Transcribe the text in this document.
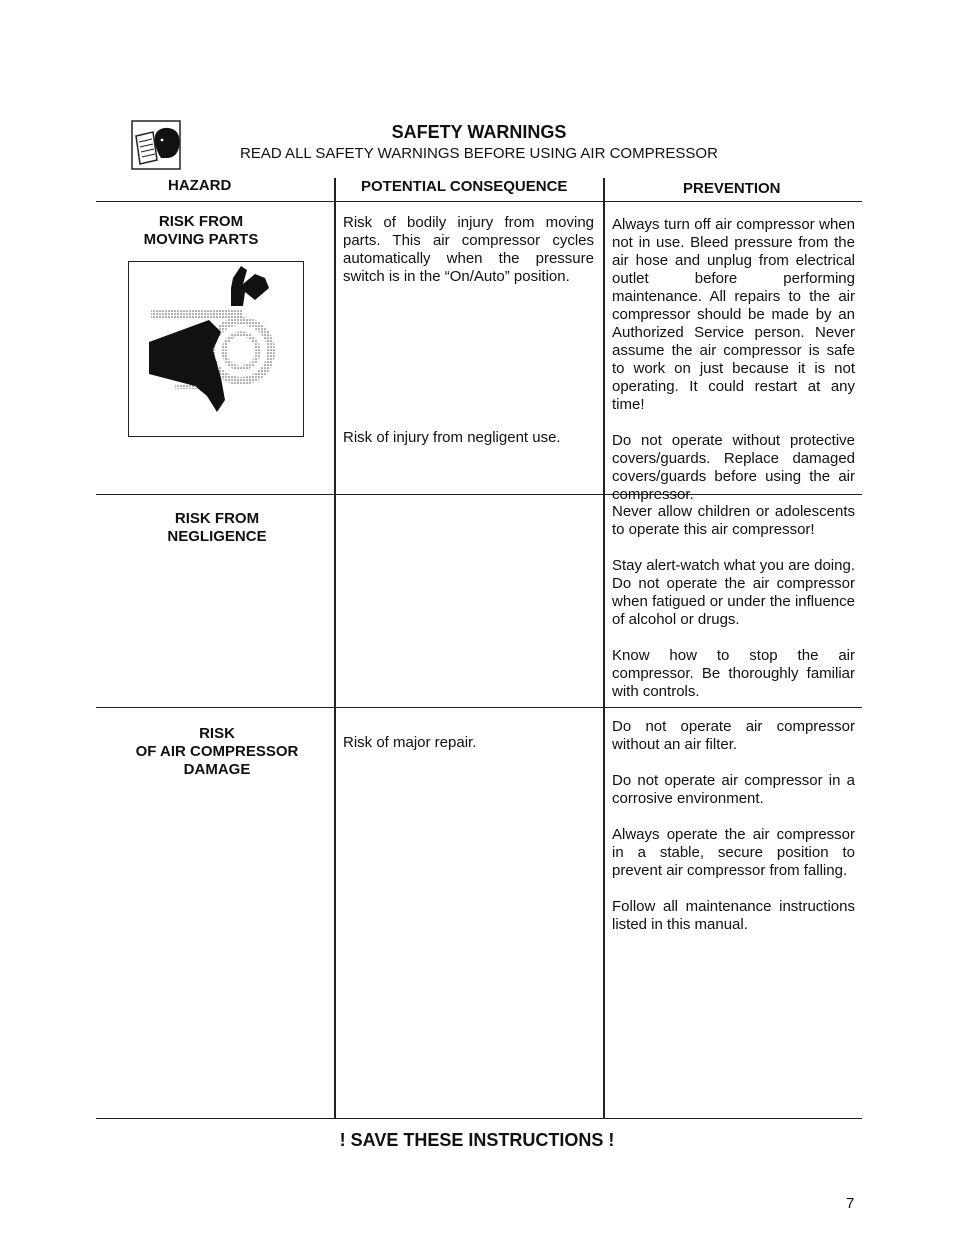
SAFETY WARNINGS
READ ALL SAFETY WARNINGS BEFORE USING AIR COMPRESSOR
HAZARD	POTENTIAL CONSEQUENCE	PREVENTION
RISK FROM
MOVING PARTS
Risk of bodily injury from moving parts. This air compressor cycles automatically when the pressure switch is in the “On/Auto” position.
Risk of injury from negligent use.

Always turn off air compressor when not in use. Bleed pressure from the air hose and unplug from electrical outlet before performing maintenance. All repairs to the air compressor should be made by an Authorized Service person. Never assume the air compressor is safe to work on just because it is not operating. It could restart at any time!

Do not operate without protective covers/guards. Replace damaged covers/guards before using the air compressor.

RISK FROM
NEGLIGENCE

Never allow children or adolescents to operate this air compressor!

Stay alert-watch what you are doing. Do not operate the air compressor when fatigued or under the influence of alcohol or drugs.

Know how to stop the air compressor. Be thoroughly familiar with controls.

RISK
OF AIR COMPRESSOR
DAMAGE
Risk of major repair.

Do not operate air compressor without an air filter.

Do not operate air compressor in a corrosive environment.

Always operate the air compressor in a stable, secure position to prevent air compressor from falling.

Follow all maintenance instructions listed in this manual.

! SAVE THESE INSTRUCTIONS !
7
